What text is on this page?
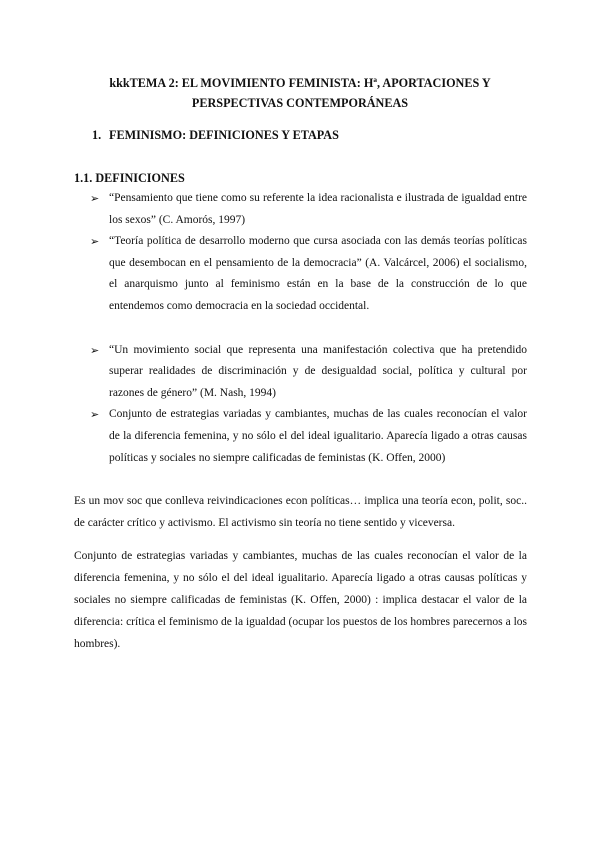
kkkTEMA 2: EL MOVIMIENTO FEMINISTA: Hª, APORTACIONES Y
PERSPECTIVAS CONTEMPORÁNEAS
1. FEMINISMO: DEFINICIONES Y ETAPAS
1.1. DEFINICIONES
➢ “Pensamiento que tiene como su referente la idea racionalista e ilustrada de igualdad entre los sexos” (C. Amorós, 1997)
➢ “Teoría política de desarrollo moderno que cursa asociada con las demás teorías políticas que desembocan en el pensamiento de la democracia” (A. Valcárcel, 2006) el socialismo, el anarquismo junto al feminismo están en la base de la construcción de lo que entendemos como democracia en la sociedad occidental.
➢ “Un movimiento social que representa una manifestación colectiva que ha pretendido superar realidades de discriminación y de desigualdad social, política y cultural por razones de género” (M. Nash, 1994)
➢ Conjunto de estrategias variadas y cambiantes, muchas de las cuales reconocían el valor de la diferencia femenina, y no sólo el del ideal igualitario. Aparecía ligado a otras causas políticas y sociales no siempre calificadas de feministas (K. Offen, 2000)

Es un mov soc que conlleva reivindicaciones econ políticas… implica una teoría econ, polit, soc.. de carácter crítico y activismo. El activismo sin teoría no tiene sentido y viceversa.

Conjunto de estrategias variadas y cambiantes, muchas de las cuales reconocían el valor de la diferencia femenina, y no sólo el del ideal igualitario. Aparecía ligado a otras causas políticas y sociales no siempre calificadas de feministas (K. Offen, 2000) : implica destacar el valor de la diferencia: crítica el feminismo de la igualdad (ocupar los puestos de los hombres parecernos a los hombres).
